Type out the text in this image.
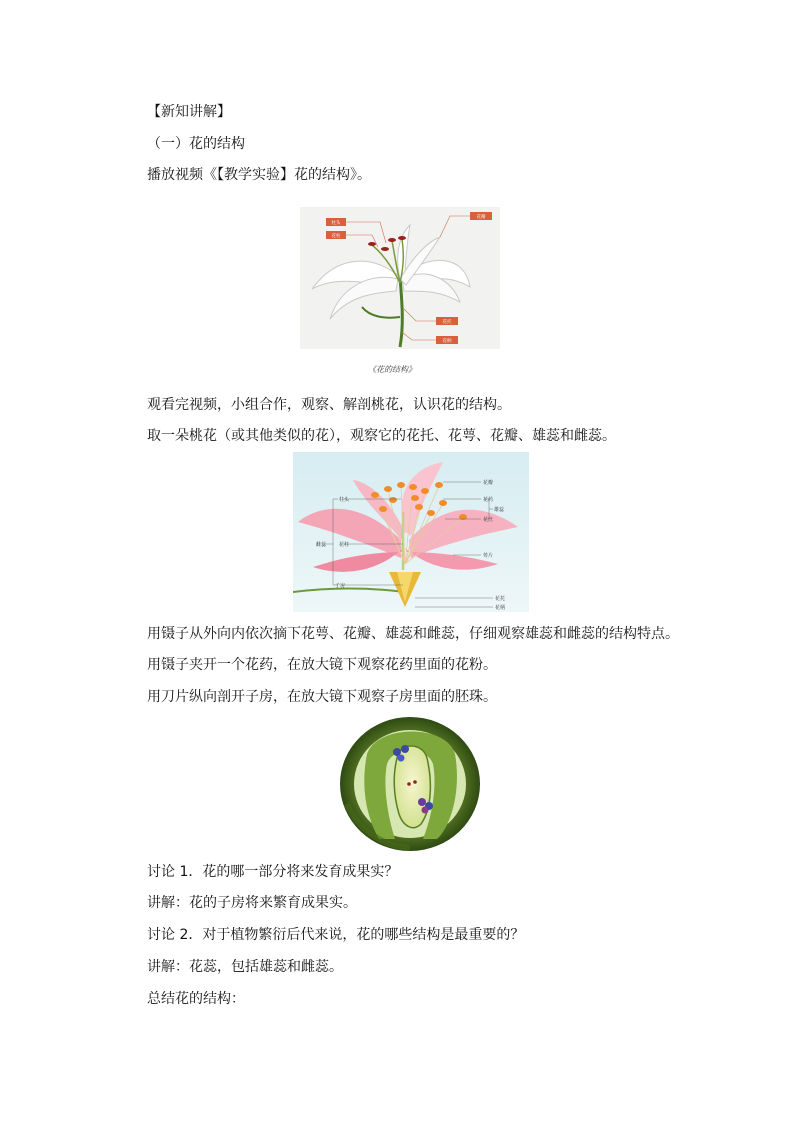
【新知讲解】
（一）花的结构
播放视频《【教学实验】花的结构》。
柱头
花柱
花瓣
花托
花柄
《花的结构》
观看完视频，小组合作，观察、解剖桃花，认识花的结构。
取一朵桃花（或其他类似的花），观察它的花托、花萼、花瓣、雄蕊和雌蕊。
柱头
花柱
雌蕊
子房
花瓣
花药
花丝
雄蕊
萼片
花托
花柄
用镊子从外向内依次摘下花萼、花瓣、雄蕊和雌蕊，仔细观察雄蕊和雌蕊的结构特点。
用镊子夹开一个花药，在放大镜下观察花药里面的花粉。
用刀片纵向剖开子房，在放大镜下观察子房里面的胚珠。
讨论 1．花的哪一部分将来发育成果实？
讲解：花的子房将来繁育成果实。
讨论 2．对于植物繁衍后代来说，花的哪些结构是最重要的？
讲解：花蕊，包括雄蕊和雌蕊。
总结花的结构：
